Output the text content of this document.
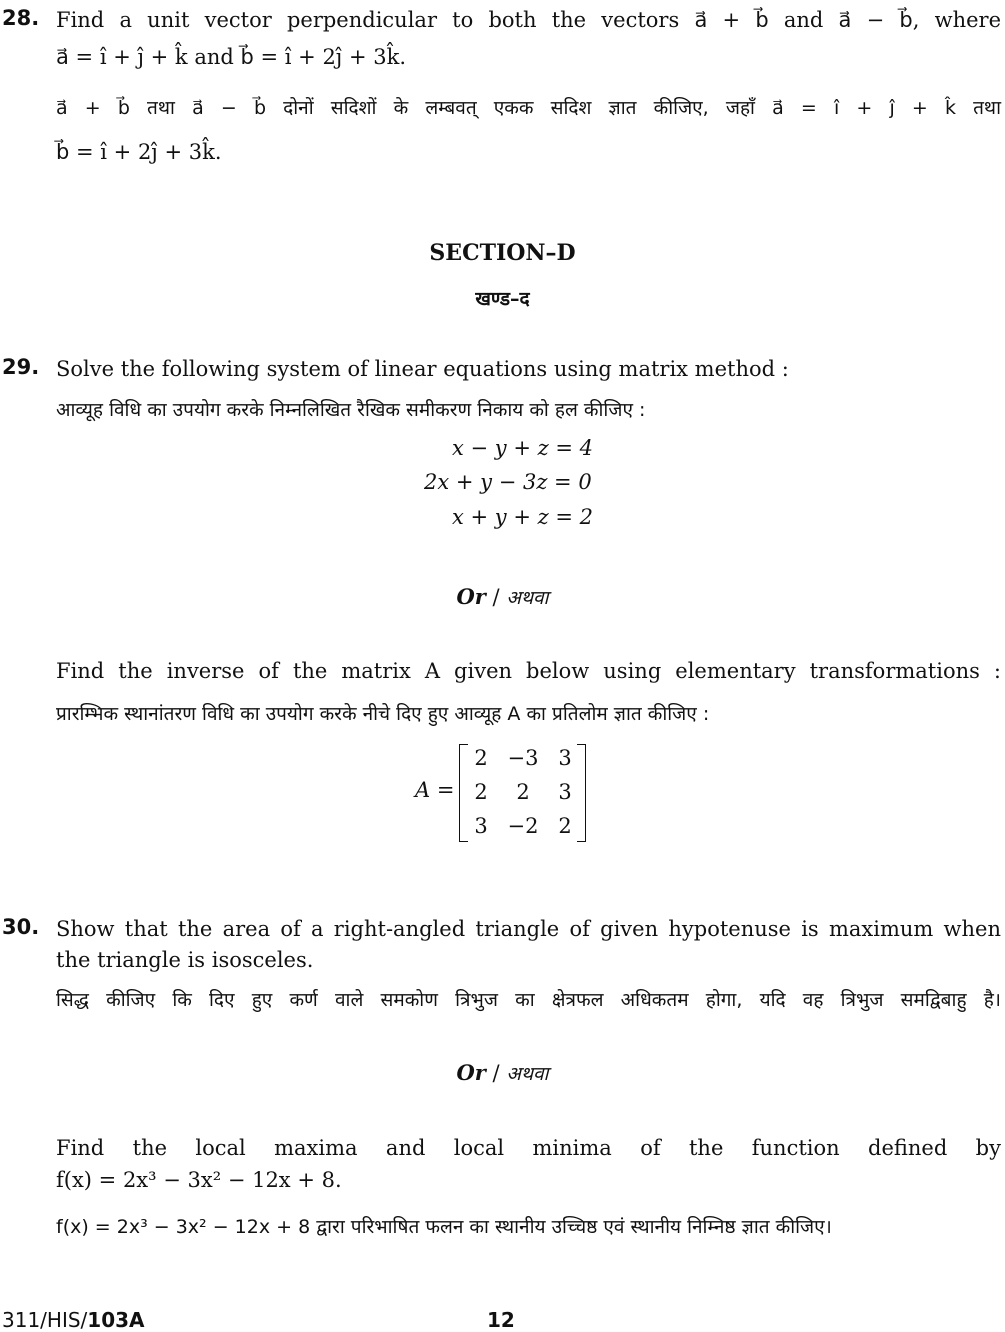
28. Find a unit vector perpendicular to both the vectors a⃗ + b⃗ and a⃗ − b⃗, where
a⃗ = î + ĵ + k̂ and b⃗ = î + 2ĵ + 3k̂.
a⃗ + b⃗ तथा a⃗ − b⃗ दोनों सदिशों के लम्बवत् एकक सदिश ज्ञात कीजिए, जहाँ a⃗ = î + ĵ + k̂ तथा
b⃗ = î + 2ĵ + 3k̂.
SECTION–D
खण्ड–द
29. Solve the following system of linear equations using matrix method :
आव्यूह विधि का उपयोग करके निम्नलिखित रैखिक समीकरण निकाय को हल कीजिए :
x − y + z = 4
2x + y − 3z = 0
x + y + z = 2
Or / अथवा
Find the inverse of the matrix A given below using elementary transformations :
प्रारम्भिक स्थानांतरण विधि का उपयोग करके नीचे दिए हुए आव्यूह A का प्रतिलोम ज्ञात कीजिए :
A =
2 −3 3
2	2	3
3 −2 2
30. Show that the area of a right-angled triangle of given hypotenuse is maximum when
the triangle is isosceles.
सिद्ध कीजिए कि दिए हुए कर्ण वाले समकोण त्रिभुज का क्षेत्रफल अधिकतम होगा, यदि वह त्रिभुज समद्विबाहु है।
Or / अथवा
Find the local maxima and local minima of the function defined by
f(x) = 2x³ − 3x² − 12x + 8.
f(x) = 2x³ − 3x² − 12x + 8 द्वारा परिभाषित फलन का स्थानीय उच्चिष्ठ एवं स्थानीय निम्निष्ठ ज्ञात कीजिए।
311/HIS/103A	12
